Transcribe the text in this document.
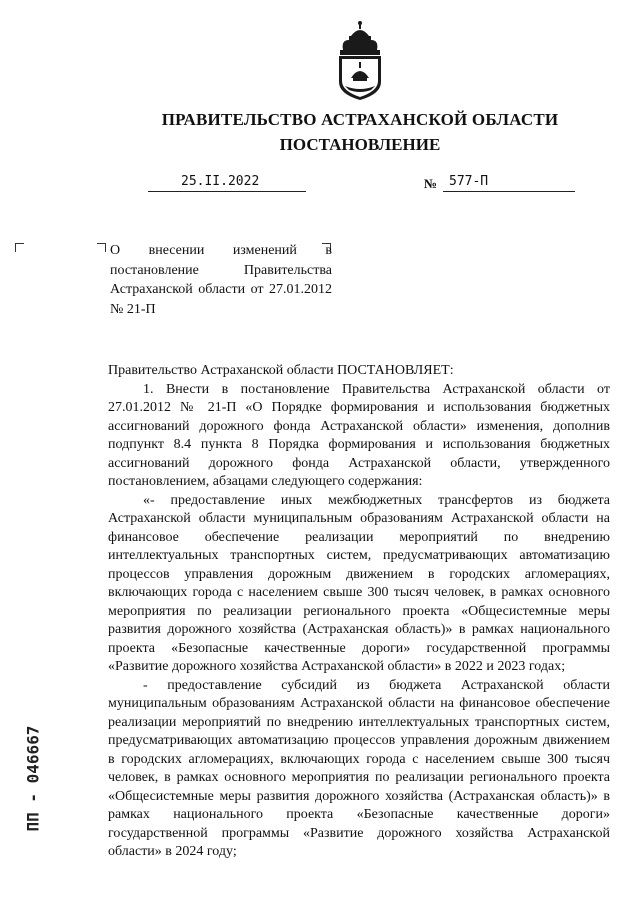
ПРАВИТЕЛЬСТВО АСТРАХАНСКОЙ ОБЛАСТИ
ПОСТАНОВЛЕНИЕ
25.II.2022	№ 577-П
О внесении изменений в постановление Правительства Астраханской области от 27.01.2012 № 21-П

Правительство Астраханской области ПОСТАНОВЛЯЕТ:

1. Внести в постановление Правительства Астраханской области от 27.01.2012 № 21-П «О Порядке формирования и использования бюджетных ассигнований дорожного фонда Астраханской области» изменения, дополнив подпункт 8.4 пункта 8 Порядка формирования и использования бюджетных ассигнований дорожного фонда Астраханской области, утвержденного постановлением, абзацами следующего содержания:

«- предоставление иных межбюджетных трансфертов из бюджета Астраханской области муниципальным образованиям Астраханской области на финансовое обеспечение реализации мероприятий по внедрению интеллектуальных транспортных систем, предусматривающих автоматизацию процессов управления дорожным движением в городских агломерациях, включающих города с населением свыше 300 тысяч человек, в рамках основного мероприятия по реализации регионального проекта «Общесистемные меры развития дорожного хозяйства (Астраханская область)» в рамках национального проекта «Безопасные качественные дороги» государственной программы «Развитие дорожного хозяйства Астраханской области» в 2022 и 2023 годах;

- предоставление субсидий из бюджета Астраханской области муниципальным образованиям Астраханской области на финансовое обеспечение реализации мероприятий по внедрению интеллектуальных транспортных систем, предусматривающих автоматизацию процессов управления дорожным движением в городских агломерациях, включающих города с населением свыше 300 тысяч человек, в рамках основного мероприятия по реализации регионального проекта «Общесистемные меры развития дорожного хозяйства (Астраханская область)» в рамках национального проекта «Безопасные качественные дороги» государственной программы «Развитие дорожного хозяйства Астраханской области» в 2024 году;

ПП - 046667
